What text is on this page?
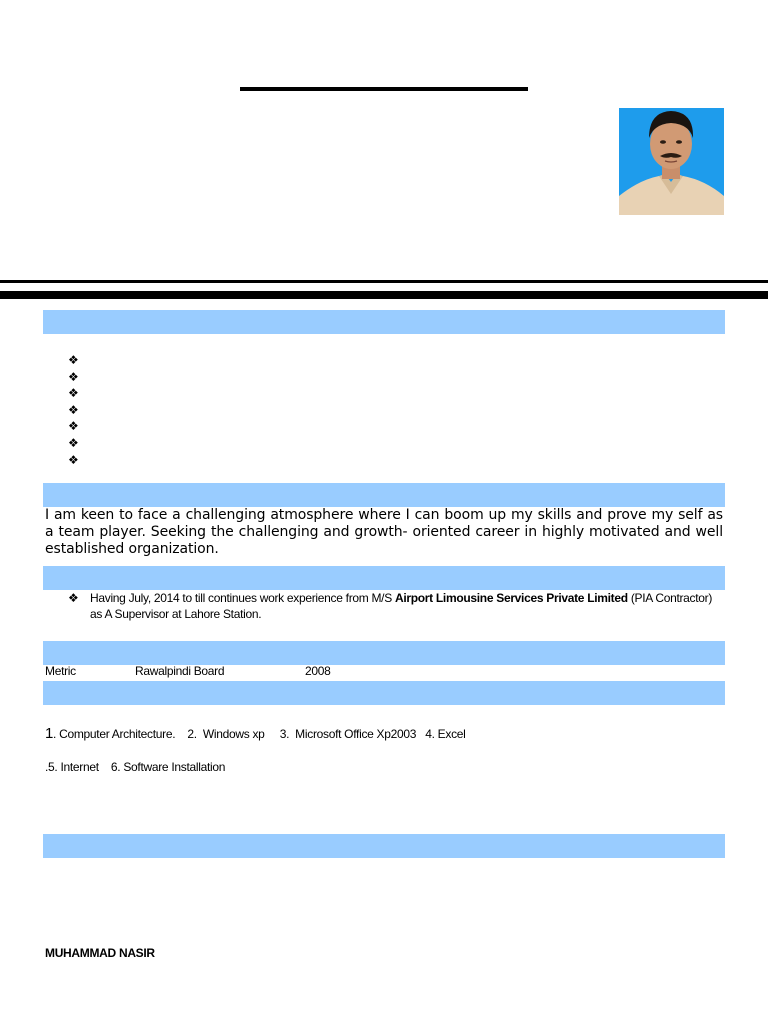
❖
❖
❖
❖
❖
❖
❖
I am keen to face a challenging atmosphere where I can boom up my skills and prove my self as a team player. Seeking the challenging and growth- oriented career in highly motivated and well established organization.
❖ Having July, 2014 to till continues work experience from M/S Airport Limousine Services Private Limited (PIA Contractor) as A Supervisor at Lahore Station.
Metric	Rawalpindi Board	2008
1. Computer Architecture.    2.  Windows xp     3.  Microsoft Office Xp2003   4. Excel
.5. Internet    6. Software Installation
MUHAMMAD NASIR
